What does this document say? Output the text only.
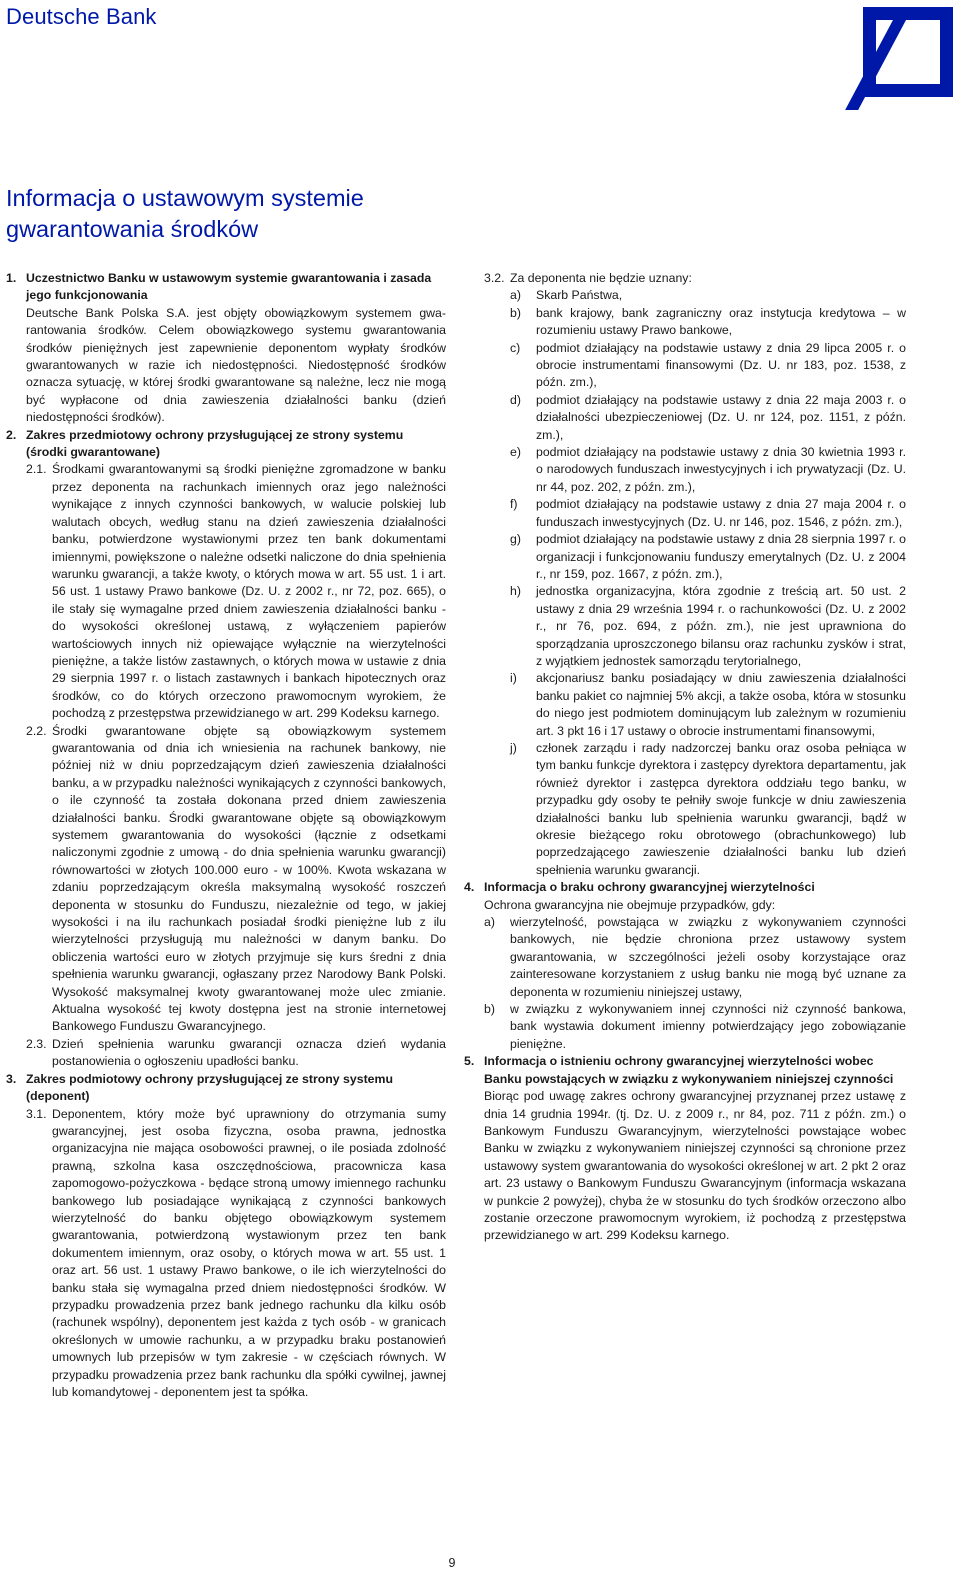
Deutsche Bank
Informacja o ustawowym systemie
gwarantowania środków
1. Uczestnictwo Banku w ustawowym systemie gwarantowania i zasada jego funkcjonowania

Deutsche Bank Polska S.A. jest objęty obowiązkowym systemem gwa- rantowania środków. Celem obowiązkowego systemu gwarantowania środków pieniężnych jest zapewnienie deponentom wypłaty środków gwarantowanych w razie ich niedostępności. Niedostępność środków oznacza sytuację, w której środki gwarantowane są należne, lecz nie mogą być wypłacone od dnia zawieszenia działalności banku (dzień niedostępności środków).

2. Zakres przedmiotowy ochrony przysługującej ze strony systemu (środki gwarantowane)
2.1. Środkami gwarantowanymi są środki pieniężne zgromadzone w banku przez deponenta na rachunkach imiennych oraz jego należności wynikające z innych czynności bankowych, w walucie polskiej lub walutach obcych, według stanu na dzień zawieszenia działalności banku, potwierdzone wystawionymi przez ten bank dokumentami imiennymi, powiększone o należne odsetki naliczone do dnia spełnienia warunku gwarancji, a także kwoty, o których mowa w art. 55 ust. 1 i art. 56 ust. 1 ustawy Prawo bankowe (Dz. U. z 2002 r., nr 72, poz. 665), o ile stały się wymagalne przed dniem zawieszenia działalności banku - do wysokości określonej ustawą, z wyłączeniem papierów wartościowych innych niż opiewające wyłącznie na wierzytelności pieniężne, a także listów zastawnych, o których mowa w ustawie z dnia 29 sierpnia 1997 r. o listach zastawnych i bankach hipotecznych oraz środków, co do których orzeczono prawomocnym wyrokiem, że pochodzą z przestępstwa przewidzianego w art. 299 Kodeksu karnego.
2.2. Środki gwarantowane objęte są obowiązkowym systemem gwarantowania od dnia ich wniesienia na rachunek bankowy, nie później niż w dniu poprzedzającym dzień zawieszenia działalności banku, a w przypadku należności wynikających z czynności bankowych, o ile czynność ta została dokonana przed dniem zawieszenia działalności banku. Środki gwarantowane objęte są obowiązkowym systemem gwarantowania do wysokości (łącznie z odsetkami naliczonymi zgodnie z umową - do dnia spełnienia warunku gwarancji) równowartości w złotych 100.000 euro - w 100%. Kwota wskazana w zdaniu poprzedzającym określa maksymalną wysokość roszczeń deponenta w stosunku do Funduszu, niezależnie od tego, w jakiej wysokości i na ilu rachunkach posiadał środki pieniężne lub z ilu wierzytelności przysługują mu należności w danym banku. Do obliczenia wartości euro w złotych przyjmuje się kurs średni z dnia spełnienia warunku gwarancji, ogłaszany przez Narodowy Bank Polski. Wysokość maksymalnej kwoty gwarantowanej może ulec zmianie. Aktualna wysokość tej kwoty dostępna jest na stronie internetowej Bankowego Funduszu Gwarancyjnego.
2.3. Dzień spełnienia warunku gwarancji oznacza dzień wydania postanowienia o ogłoszeniu upadłości banku.
3. Zakres podmiotowy ochrony przysługującej ze strony systemu (deponent)
3.1. Deponentem, który może być uprawniony do otrzymania sumy gwarancyjnej, jest osoba fizyczna, osoba prawna, jednostka organizacyjna nie mająca osobowości prawnej, o ile posiada zdolność prawną, szkolna kasa oszczędnościowa, pracownicza kasa zapomogowo-pożyczkowa - będące stroną umowy imiennego rachunku bankowego lub posiadające wynikającą z czynności bankowych wierzytelność do banku objętego obowiązkowym systemem gwarantowania, potwierdzoną wystawionym przez ten bank dokumentem imiennym, oraz osoby, o których mowa w art. 55 ust. 1 oraz art. 56 ust. 1 ustawy Prawo bankowe, o ile ich wierzytelności do banku stała się wymagalna przed dniem niedostępności środków. W przypadku prowadzenia przez bank jednego rachunku dla kilku osób (rachunek wspólny), deponentem jest każda z tych osób - w granicach określonych w umowie rachunku, a w przypadku braku postanowień umownych lub przepisów w tym zakresie - w częściach równych. W przypadku prowadzenia przez bank rachunku dla spółki cywilnej, jawnej lub komandytowej - deponentem jest ta spółka.
3.2. Za deponenta nie będzie uznany:
a)	Skarb Państwa,
b)	bank krajowy, bank zagraniczny oraz instytucja kredytowa – w rozumieniu ustawy Prawo bankowe,
c)	podmiot działający na podstawie ustawy z dnia 29 lipca 2005 r. o obrocie instrumentami finansowymi (Dz. U. nr 183, poz. 1538, z późn. zm.),
d)	podmiot działający na podstawie ustawy z dnia 22 maja 2003 r. o działalności ubezpieczeniowej (Dz. U. nr 124, poz. 1151, z późn. zm.),
e)	podmiot działający na podstawie ustawy z dnia 30 kwietnia 1993 r. o narodowych funduszach inwestycyjnych i ich prywatyzacji (Dz. U. nr 44, poz. 202, z późn. zm.),
f)	podmiot działający na podstawie ustawy z dnia 27 maja 2004 r. o funduszach inwestycyjnych (Dz. U. nr 146, poz. 1546, z późn. zm.),
g)	podmiot działający na podstawie ustawy z dnia 28 sierpnia 1997 r. o organizacji i funkcjonowaniu funduszy emerytalnych (Dz. U. z 2004 r., nr 159, poz. 1667, z późn. zm.),
h)	jednostka organizacyjna, która zgodnie z treścią art. 50 ust. 2 ustawy z dnia 29 września 1994 r. o rachunkowości (Dz. U. z 2002 r., nr 76, poz. 694, z późn. zm.), nie jest uprawniona do sporządzania uproszczonego bilansu oraz rachunku zysków i strat, z wyjątkiem jednostek samorządu terytorialnego,
i)	akcjonariusz banku posiadający w dniu zawieszenia działalności banku pakiet co najmniej 5% akcji, a także osoba, która w stosunku do niego jest podmiotem dominującym lub zależnym w rozumieniu art. 3 pkt 16 i 17 ustawy o obrocie instrumentami finansowymi,
j)	członek zarządu i rady nadzorczej banku oraz osoba pełniąca w tym banku funkcje dyrektora i zastępcy dyrektora departamentu, jak również dyrektor i zastępca dyrektora oddziału tego banku, w przypadku gdy osoby te pełniły swoje funkcje w dniu zawieszenia działalności banku lub spełnienia warunku gwarancji, bądź w okresie bieżącego roku obrotowego (obrachunkowego) lub poprzedzającego zawieszenie działalności banku lub dzień spełnienia warunku gwarancji.
4. Informacja o braku ochrony gwarancyjnej wierzytelności
Ochrona gwarancyjna nie obejmuje przypadków, gdy:
a)	wierzytelność, powstająca w związku z wykonywaniem czynności bankowych, nie będzie chroniona przez ustawowy system gwarantowania, w szczególności jeżeli osoby korzystające oraz zainteresowane korzystaniem z usług banku nie mogą być uznane za deponenta w rozumieniu niniejszej ustawy,
b)	w związku z wykonywaniem innej czynności niż czynność bankowa, bank wystawia dokument imienny potwierdzający jego zobowiązanie pieniężne.
5. Informacja o istnieniu ochrony gwarancyjnej wierzytelności wobec Banku powstających w związku z wykonywaniem niniejszej czynności

Biorąc pod uwagę zakres ochrony gwarancyjnej przyznanej przez ustawę z dnia 14 grudnia 1994r. (tj. Dz. U. z 2009 r., nr 84, poz. 711 z późn. zm.) o Bankowym Funduszu Gwarancyjnym, wierzytelności powstające wobec Banku w związku z wykonywaniem niniejszej czynności są chronione przez ustawowy system gwarantowania do wysokości określonej w art. 2 pkt 2 oraz art. 23 ustawy o Bankowym Funduszu Gwarancyjnym (informacja wskazana w punkcie 2 powyżej), chyba że w stosunku do tych środków orzeczono albo zostanie orzeczone prawomocnym wyrokiem, iż pochodzą z przestępstwa przewidzianego w art. 299 Kodeksu karnego.

9
